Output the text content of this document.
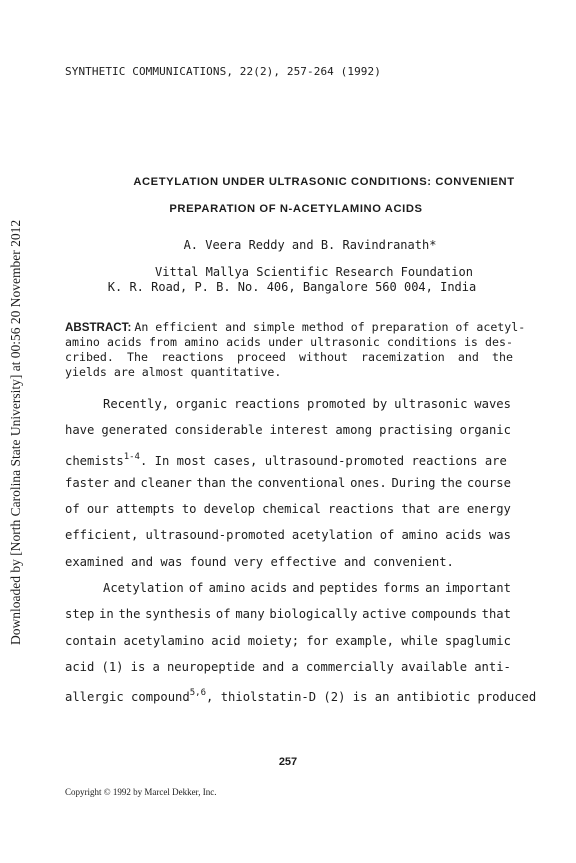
Downloaded by [North Carolina State University] at 00:56 20 November 2012
SYNTHETIC COMMUNICATIONS, 22(2), 257-264 (1992)
ACETYLATION UNDER ULTRASONIC CONDITIONS: CONVENIENT
PREPARATION OF N-ACETYLAMINO ACIDS
A. Veera Reddy and B. Ravindranath*
Vittal Mallya Scientific Research Foundation
K. R. Road, P. B. No. 406, Bangalore 560 004, India
ABSTRACT: An efficient and simple method of preparation of acetyl-
amino acids from amino acids under ultrasonic conditions is des-
cribed. The reactions proceed without racemization and the
yields are almost quantitative.
Recently, organic reactions promoted by ultrasonic waves
have generated considerable interest among practising organic
chemists$^{1-4}$. In most cases, ultrasound-promoted reactions are
faster and cleaner than the conventional ones. During the course
of our attempts to develop chemical reactions that are energy
efficient, ultrasound-promoted acetylation of amino acids was
examined and was found very effective and convenient.
Acetylation of amino acids and peptides forms an important
step in the synthesis of many biologically active compounds that
contain acetylamino acid moiety; for example, while spaglumic
acid (1) is a neuropeptide and a commercially available anti-
allergic compound$^{5,6}$, thiolstatin-D (2) is an antibiotic produced
257
Copyright © 1992 by Marcel Dekker, Inc.
